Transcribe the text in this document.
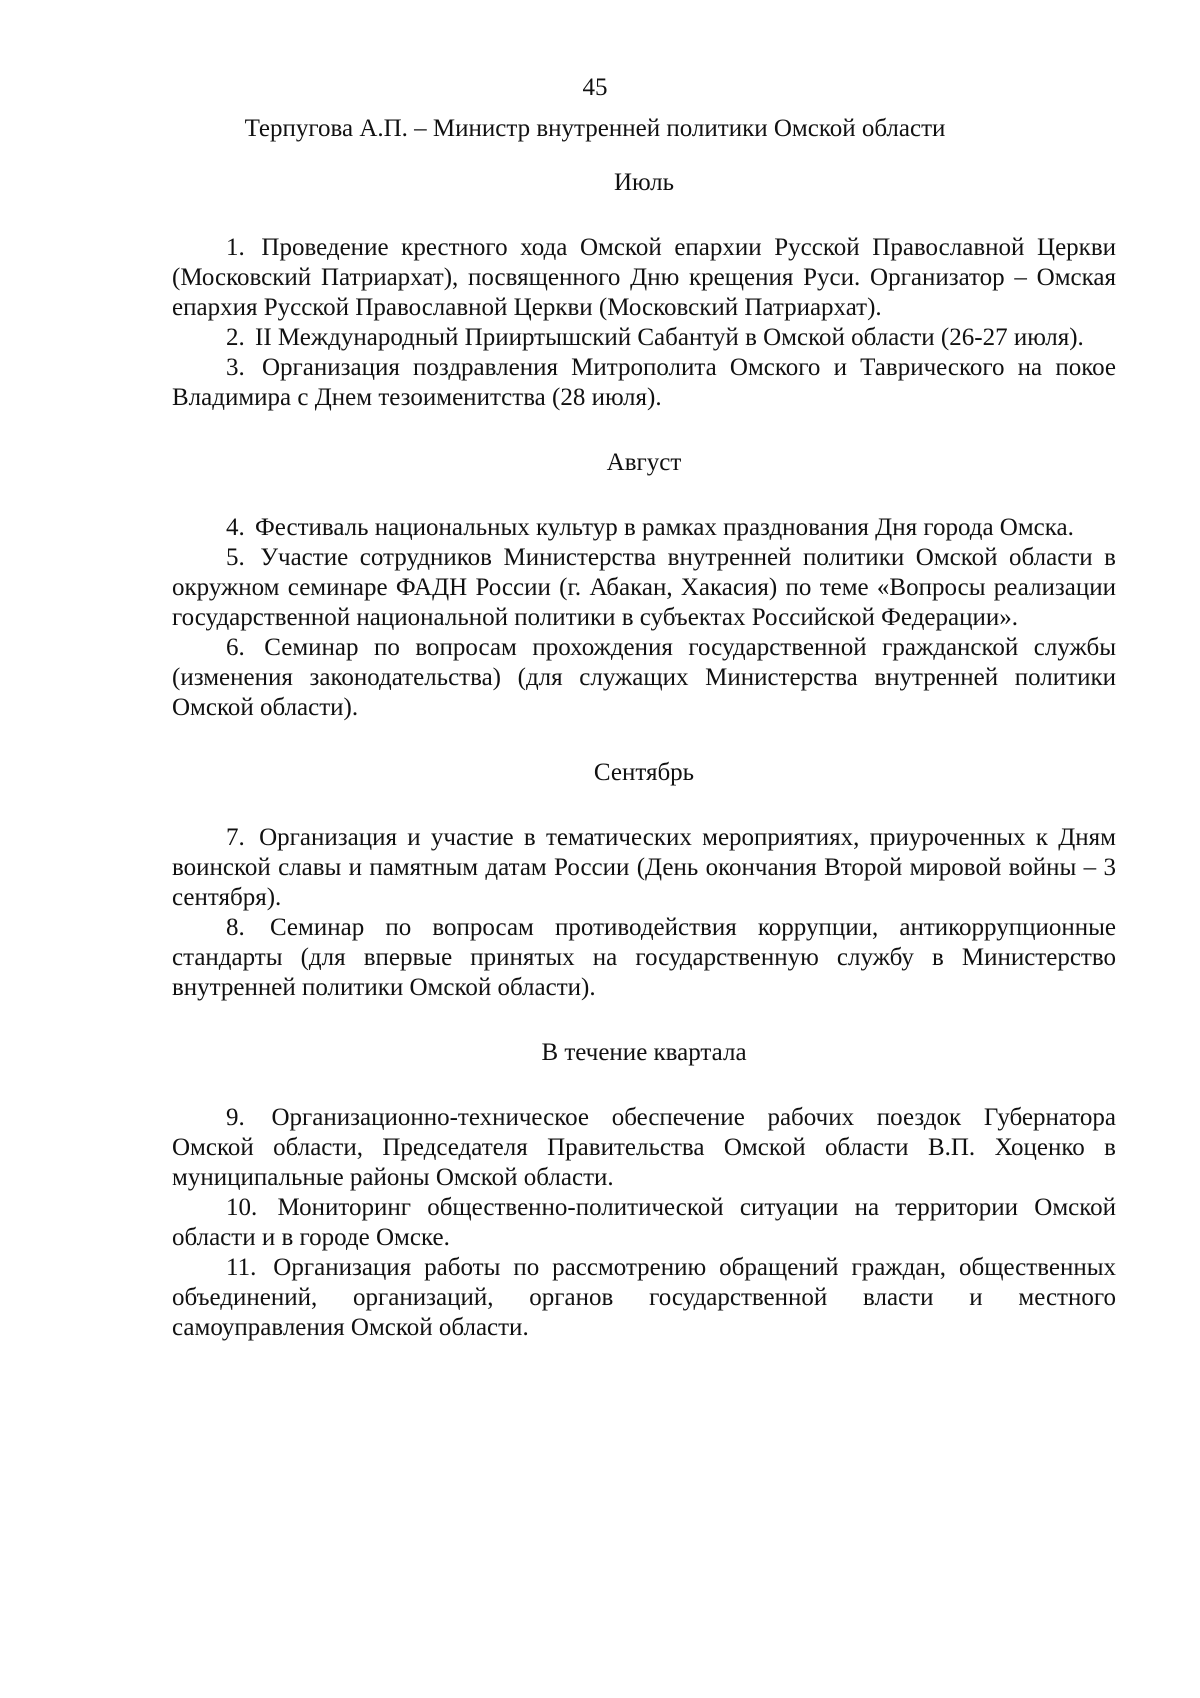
45
Терпугова А.П. – Министр внутренней политики Омской области
Июль

1. Проведение крестного хода Омской епархии Русской Православной Церкви (Московский Патриархат), посвященного Дню крещения Руси. Организатор – Омская епархия Русской Православной Церкви (Московский Патриархат).

2. II Международный Прииртышский Сабантуй в Омской области (26-27 июля).

3. Организация поздравления Митрополита Омского и Таврического на покое Владимира с Днем тезоименитства (28 июля).

Август

4. Фестиваль национальных культур в рамках празднования Дня города Омска.

5. Участие сотрудников Министерства внутренней политики Омской области в окружном семинаре ФАДН России (г. Абакан, Хакасия) по теме «Вопросы реализации государственной национальной политики в субъектах Российской Федерации».

6. Семинар по вопросам прохождения государственной гражданской службы (изменения законодательства) (для служащих Министерства внутренней политики Омской области).

Сентябрь

7. Организация и участие в тематических мероприятиях, приуроченных к Дням воинской славы и памятным датам России (День окончания Второй мировой войны – 3 сентября).

8. Семинар по вопросам противодействия коррупции, антикоррупционные стандарты (для впервые принятых на государственную службу в Министерство внутренней политики Омской области).

В течение квартала

9. Организационно-техническое обеспечение рабочих поездок Губернатора Омской области, Председателя Правительства Омской области В.П. Хоценко в муниципальные районы Омской области.

10. Мониторинг общественно-политической ситуации на территории Омской области и в городе Омске.

11. Организация работы по рассмотрению обращений граждан, общественных объединений, организаций, органов государственной власти и местного самоуправления Омской области.
